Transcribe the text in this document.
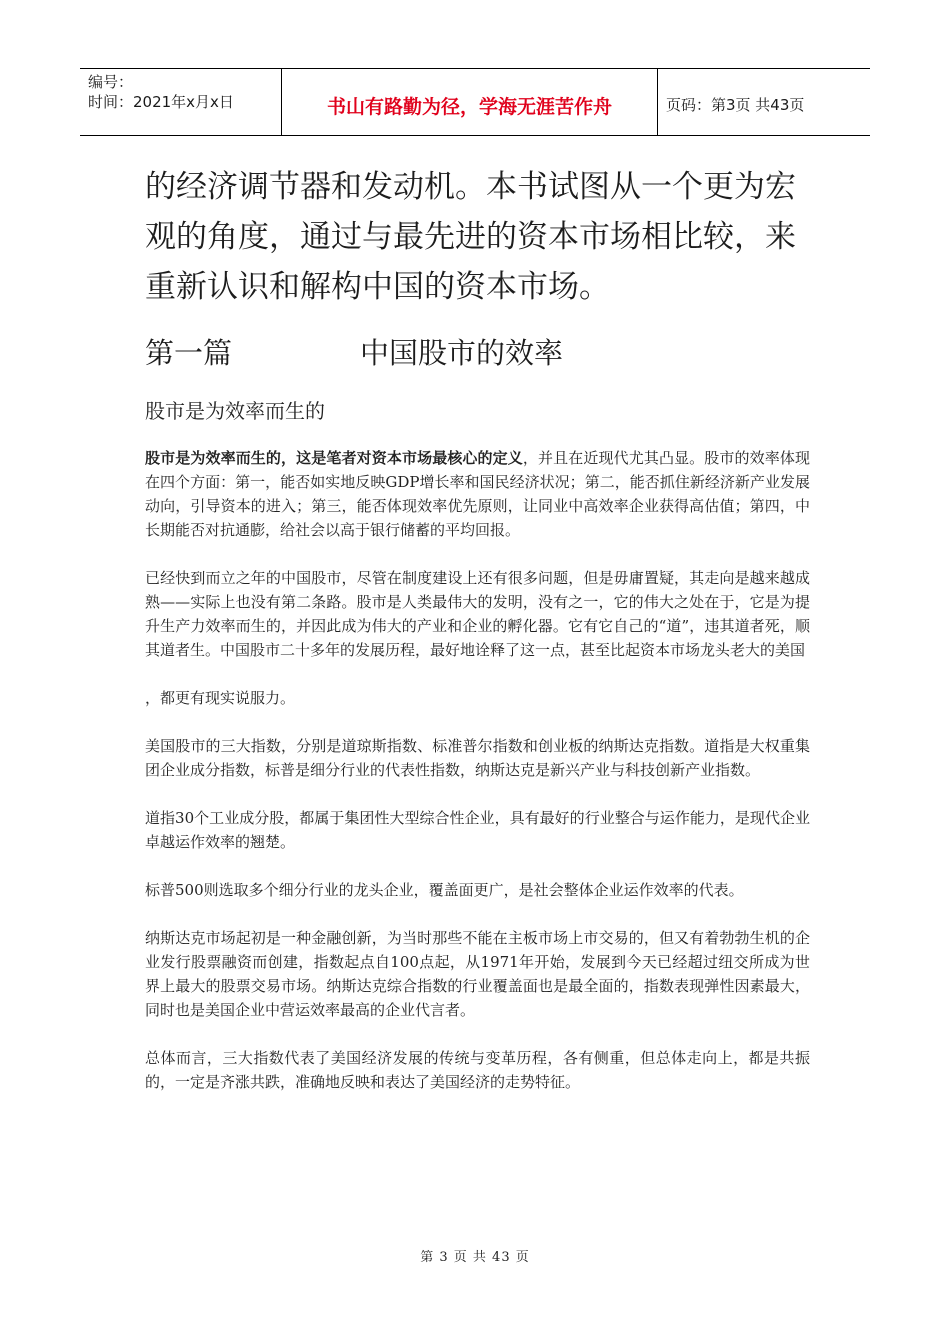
编号：
时间：2021年x月x日	书山有路勤为径，学海无涯苦作舟	页码：第3页 共43页

的经济调节器和发动机。本书试图从一个更为宏

观的角度，通过与最先进的资本市场相比较，来

重新认识和解构中国的资本市场。

第一篇	中国股市的效率

股市是为效率而生的

股市是为效率而生的，这是笔者对资本市场最核心的定义，并且在近现代尤其凸显。股市的效率体现在四个方面：第一，能否如实地反映GDP增长率和国民经济状况；第二，能否抓住新经济新产业发展动向，引导资本的进入；第三，能否体现效率优先原则，让同业中高效率企业获得高估值；第四，中长期能否对抗通膨，给社会以高于银行储蓄的平均回报。

已经快到而立之年的中国股市，尽管在制度建设上还有很多问题，但是毋庸置疑，其走向是越来越成熟——实际上也没有第二条路。股市是人类最伟大的发明，没有之一，它的伟大之处在于，它是为提升生产力效率而生的，并因此成为伟大的产业和企业的孵化器。它有它自己的“道”，违其道者死，顺其道者生。中国股市二十多年的发展历程，最好地诠释了这一点，甚至比起资本市场龙头老大的美国

，都更有现实说服力。

美国股市的三大指数，分别是道琼斯指数、标准普尔指数和创业板的纳斯达克指数。道指是大权重集团企业成分指数，标普是细分行业的代表性指数，纳斯达克是新兴产业与科技创新产业指数。

道指30个工业成分股，都属于集团性大型综合性企业，具有最好的行业整合与运作能力，是现代企业卓越运作效率的翘楚。

标普500则选取多个细分行业的龙头企业，覆盖面更广，是社会整体企业运作效率的代表。

纳斯达克市场起初是一种金融创新，为当时那些不能在主板市场上市交易的，但又有着勃勃生机的企业发行股票融资而创建，指数起点自100点起，从1971年开始，发展到今天已经超过纽交所成为世界上最大的股票交易市场。纳斯达克综合指数的行业覆盖面也是最全面的，指数表现弹性因素最大，同时也是美国企业中营运效率最高的企业代言者。

总体而言，三大指数代表了美国经济发展的传统与变革历程，各有侧重，但总体走向上，都是共振的，一定是齐涨共跌，准确地反映和表达了美国经济的走势特征。

第 3 页 共 43 页
